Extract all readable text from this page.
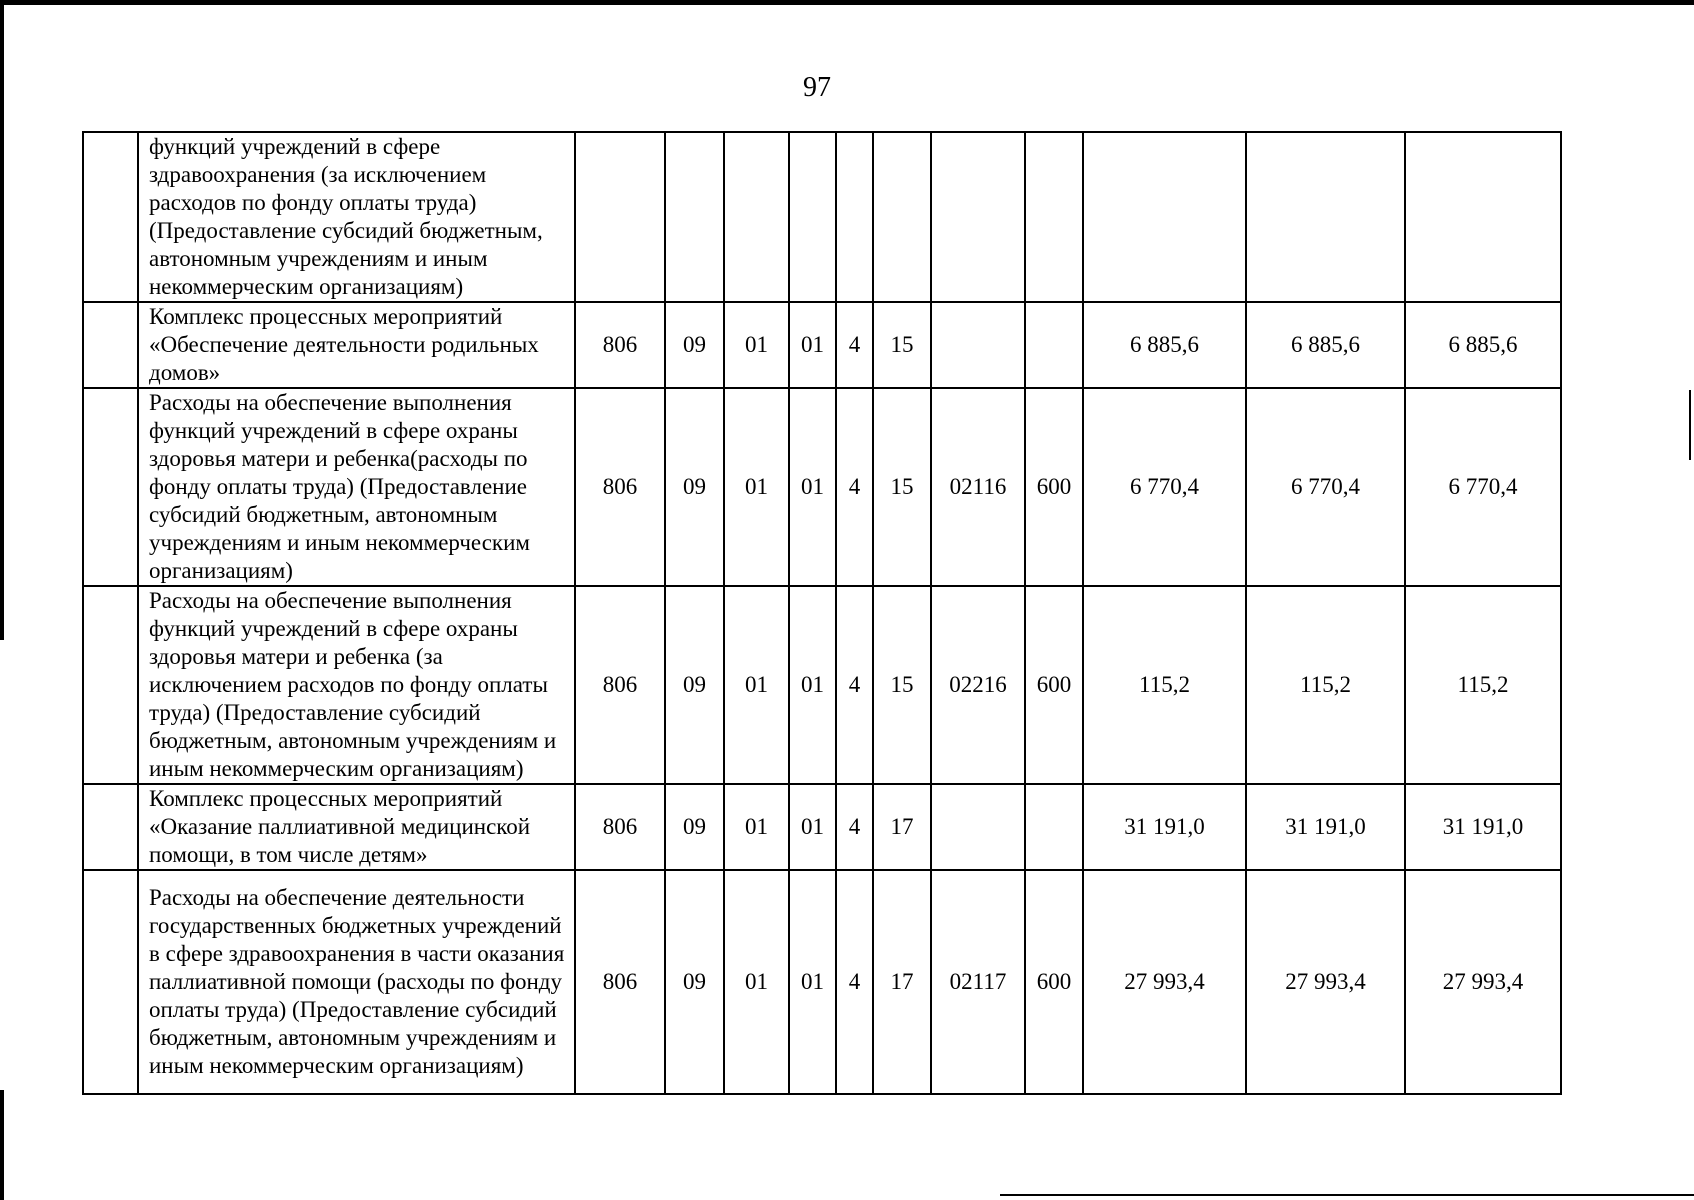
97
	функций учреждений в сфере здравоохранения (за исключением расходов по фонду оплаты труда) (Предоставление субсидий бюджетным, автономным учреждениям и иным некоммерческим организациям)											
	Комплекс процессных мероприятий «Обеспечение деятельности родильных домов»	806	09	01	01	4	15			6 885,6	6 885,6	6 885,6
	Расходы на обеспечение выполнения функций учреждений в сфере охраны здоровья матери и ребенка(расходы по фонду оплаты труда) (Предоставление субсидий бюджетным, автономным учреждениям и иным некоммерческим организациям)	806	09	01	01	4	15	02116	600	6 770,4	6 770,4	6 770,4
	Расходы на обеспечение выполнения функций учреждений в сфере охраны здоровья матери и ребенка (за исключением расходов по фонду оплаты труда) (Предоставление субсидий бюджетным, автономным учреждениям и иным некоммерческим организациям)	806	09	01	01	4	15	02216	600	115,2	115,2	115,2
	Комплекс процессных мероприятий «Оказание паллиативной медицинской помощи, в том числе детям»	806	09	01	01	4	17			31 191,0	31 191,0	31 191,0
	Расходы на обеспечение деятельности государственных бюджетных учреждений в сфере здравоохранения в части оказания паллиативной помощи (расходы по фонду оплаты труда) (Предоставление субсидий бюджетным, автономным учреждениям и иным некоммерческим организациям)	806	09	01	01	4	17	02117	600	27 993,4	27 993,4	27 993,4
